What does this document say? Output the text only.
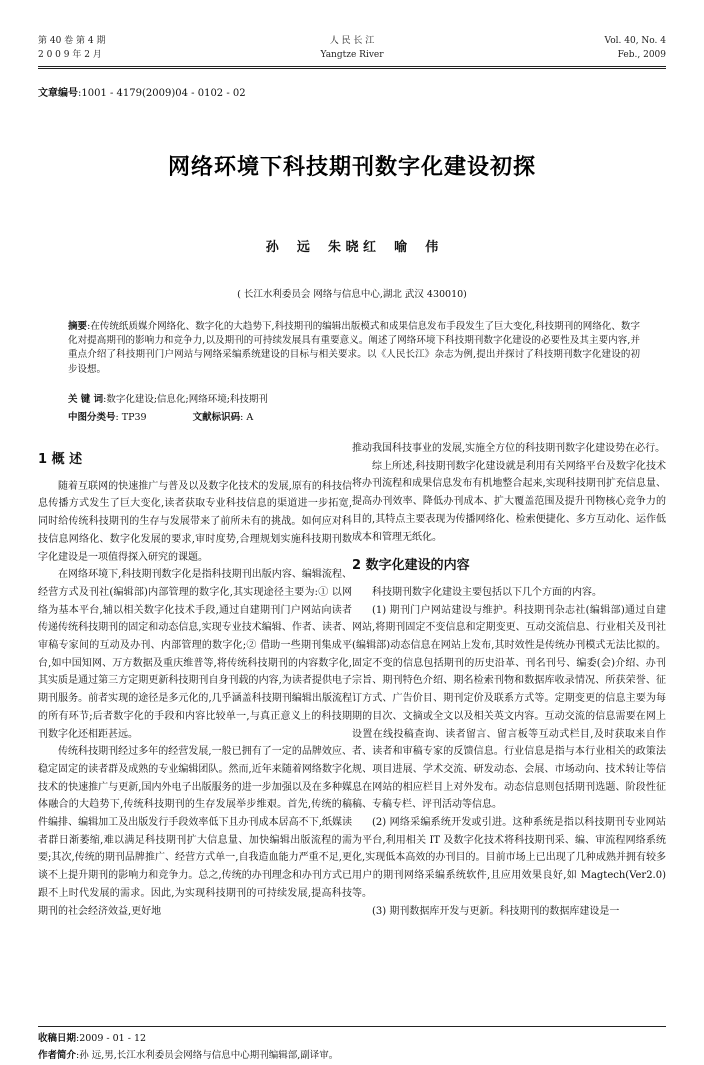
第 40 卷 第 4 期
2 0 0 9 年 2 月
人 民 长 江
Yangtze River
Vol. 40, No. 4
Feb., 2009
文章编号:1001 - 4179(2009)04 - 0102 - 02
网络环境下科技期刊数字化建设初探
孙    远    朱 晓 红    喻    伟
( 长江水利委员会 网络与信息中心,湖北 武汉 430010)
摘要:在传统纸质媒介网络化、数字化的大趋势下,科技期刊的编辑出版模式和成果信息发布手段发生了巨大变化,科技期刊的网络化、数字化对提高期刊的影响力和竞争力,以及期刊的可持续发展具有重要意义。阐述了网络环境下科技期刊数字化建设的必要性及其主要内容,并重点介绍了科技期刊门户网站与网络采编系统建设的目标与相关要求。以《人民长江》杂志为例,提出并探讨了科技期刊数字化建设的初步设想。
关 键 词:数字化建设;信息化;网络环境;科技期刊
中图分类号: TP39	文献标识码: A
1 概 述

随着互联网的快速推广与普及以及数字化技术的发展,原有的科技信息传播方式发生了巨大变化,读者获取专业科技信息的渠道进一步拓宽,同时给传统科技期刊的生存与发展带来了前所未有的挑战。如何应对科技信息网络化、数字化发展的要求,审时度势,合理规划实施科技期刊数字化建设是一项值得探入研究的课题。

在网络环境下,科技期刊数字化是指科技期刊出版内容、编辑流程、经营方式及刊社(编辑部)内部管理的数字化,其实现途径主要为:① 以网络为基本平台,辅以相关数字化技术手段,通过自建期刊门户网站向读者传递传统科技期刊的固定和动态信息,实现专业技术编辑、作者、读者、审稿专家间的互动及办刊、内部管理的数字化;② 借助一些期刊集成平台,如中国知网、万方数据及重庆维普等,将传统科技期刊的内容数字化,其实质是通过第三方定期更新科技期刊自身刊载的内容,为读者提供电子期刊服务。前者实现的途径是多元化的,几乎涵盖科技期刊编辑出版流程的所有环节;后者数字化的手段和内容比较单一,与真正意义上的科技期刊数字化还相距甚远。

传统科技期刊经过多年的经营发展,一般已拥有了一定的品牌效应、稳定固定的读者群及成熟的专业编辑团队。然而,近年来随着网络数字化技术的快速推广与更新,国内外电子出版服务的进一步加强以及在多种媒体融合的大趋势下,传统科技期刊的生存发展举步维艰。首先,传统的稿件编排、编辑加工及出版发行手段效率低下且办刊成本居高不下,纸媒读者群日渐萎缩,难以满足科技期刊扩大信息量、加快编辑出版流程的需要;其次,传统的期刊品牌推广、经营方式单一,自我造血能力严重不足,更谈不上提升期刊的影响力和竞争力。总之,传统的办刊理念和办刊方式已跟不上时代发展的需求。因此,为实现科技期刊的可持续发展,提高科技期刊的社会经济效益,更好地

推动我国科技事业的发展,实施全方位的科技期刊数字化建设势在必行。

综上所述,科技期刊数字化建设就是利用有关网络平台及数字化技术将办刊流程和成果信息发布有机地整合起来,实现科技期刊扩充信息量、提高办刊效率、降低办刊成本、扩大覆盖范围及提升刊物核心竞争力的目的,其特点主要表现为传播网络化、检索便捷化、多方互动化、运作低成本和管理无纸化。

2 数字化建设的内容

科技期刊数字化建设主要包括以下几个方面的内容。

(1) 期刊门户网站建设与维护。科技期刊杂志社(编辑部)通过自建网站,将期刊固定不变信息和定期变更、互动交流信息、行业相关及刊社(编辑部)动态信息在网站上发布,其时效性是传统办刊模式无法比拟的。固定不变的信息包括期刊的历史沿革、刊名刊号、编委(会)介绍、办刊宗旨、期刊特色介绍、期名检索刊物和数据库收录情况、所获荣誉、征订方式、广告价目、期刊定价及联系方式等。定期变更的信息主要为每期的目次、文摘或全文以及相关英文内容。互动交流的信息需要在网上设置在线投稿查询、读者留言、留言板等互动式栏目,及时获取来自作者、读者和审稿专家的反馈信息。行业信息是指与本行业相关的政策法规、项目进展、学术交流、研发动态、会展、市场动向、技术转让等信息在网站的相应栏目上对外发布。动态信息则包括期刊选题、阶段性征稿、专稿专栏、评刊活动等信息。

(2) 网络采编系统开发或引进。这种系统是指以科技期刊专业网站为平台,利用相关 IT 及数字化技术将科技期刊采、编、审流程网络系统化,实现低本高效的办刊目的。目前市场上已出现了几种成熟并拥有较多用户的期刊网络采编系统软件,且应用效果良好,如 Magtech(Ver2.0)等。

(3) 期刊数据库开发与更新。科技期刊的数据库建设是一

收稿日期:2009 - 01 - 12
作者简介:孙 远,男,长江水利委员会网络与信息中心期刊编辑部,副译审。
